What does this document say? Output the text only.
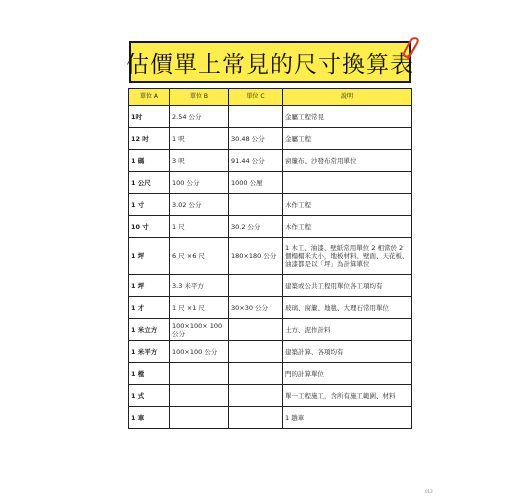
估價單上常見的尺寸換算表
單位 A	單位 B	單位 C	說明
1吋	2.54 公分		金屬工程常見
12 吋	1 呎	30.48 公分	金屬工程
1 碼	3 呎	91.44 公分	窗簾布、沙發布常用單位
1 公尺	100 公分	1000 公厘	
1 寸	3.02 公分		木作工程
10 寸	1 尺	30.2 公分	木作工程
1 坪	6 尺 ×6 尺	180×180 公分	1 木工、油漆、壁紙常用單位 2 相當於 2 個榻榻米大小，地板材料、壁面、天花板、油漆都是以「坪」為計算單位
1 坪	3.3 米平方		建築或公共工程用單位各工項均有
1 才	1 尺 ×1 尺	30×30 公分	玻璃、窗簾、地毯、大理石常用單位
1 米立方	100×100× 100 公分		土方、泥作計料
1 米平方	100×100 公分		建築計算、各項均有
1 樘			門的計算單位
1 式			單一工程施工，含所有施工範圍、材料
1 車			1 趟車
013
